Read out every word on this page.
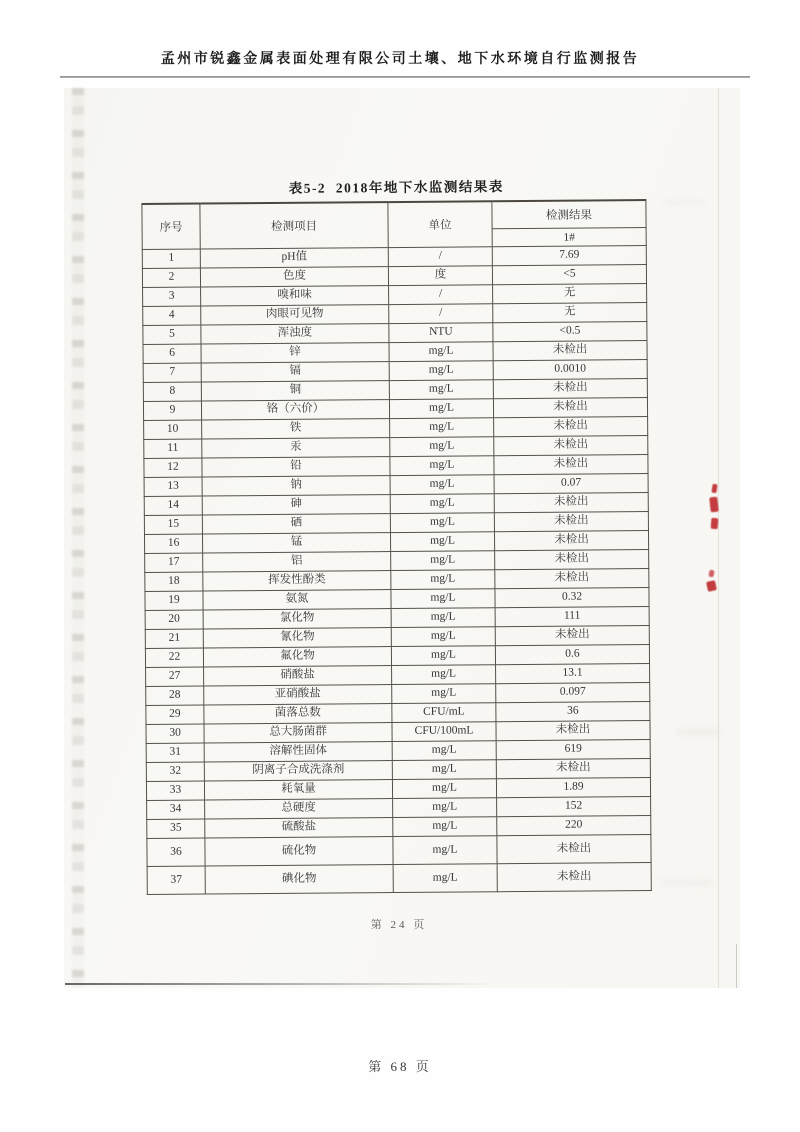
孟州市锐鑫金属表面处理有限公司土壤、地下水环境自行监测报告
表5-2  2018年地下水监测结果表
序号	检测项目	单位	检测结果
			1#
1	pH值	/	7.69
2	色度	度	<5
3	嗅和味	/	无
4	肉眼可见物	/	无
5	浑浊度	NTU	<0.5
6	锌	mg/L	未检出
7	镉	mg/L	0.0010
8	铜	mg/L	未检出
9	铬（六价）	mg/L	未检出
10	铁	mg/L	未检出
11	汞	mg/L	未检出
12	铅	mg/L	未检出
13	钠	mg/L	0.07
14	砷	mg/L	未检出
15	硒	mg/L	未检出
16	锰	mg/L	未检出
17	铝	mg/L	未检出
18	挥发性酚类	mg/L	未检出
19	氨氮	mg/L	0.32
20	氯化物	mg/L	111
21	氰化物	mg/L	未检出
22	氟化物	mg/L	0.6
27	硝酸盐	mg/L	13.1
28	亚硝酸盐	mg/L	0.097
29	菌落总数	CFU/mL	36
30	总大肠菌群	CFU/100mL	未检出
31	溶解性固体	mg/L	619
32	阴离子合成洗涤剂	mg/L	未检出
33	耗氧量	mg/L	1.89
34	总硬度	mg/L	152
35	硫酸盐	mg/L	220
36	硫化物	mg/L	未检出
37	碘化物	mg/L	未检出
第 24 页
第 68 页
